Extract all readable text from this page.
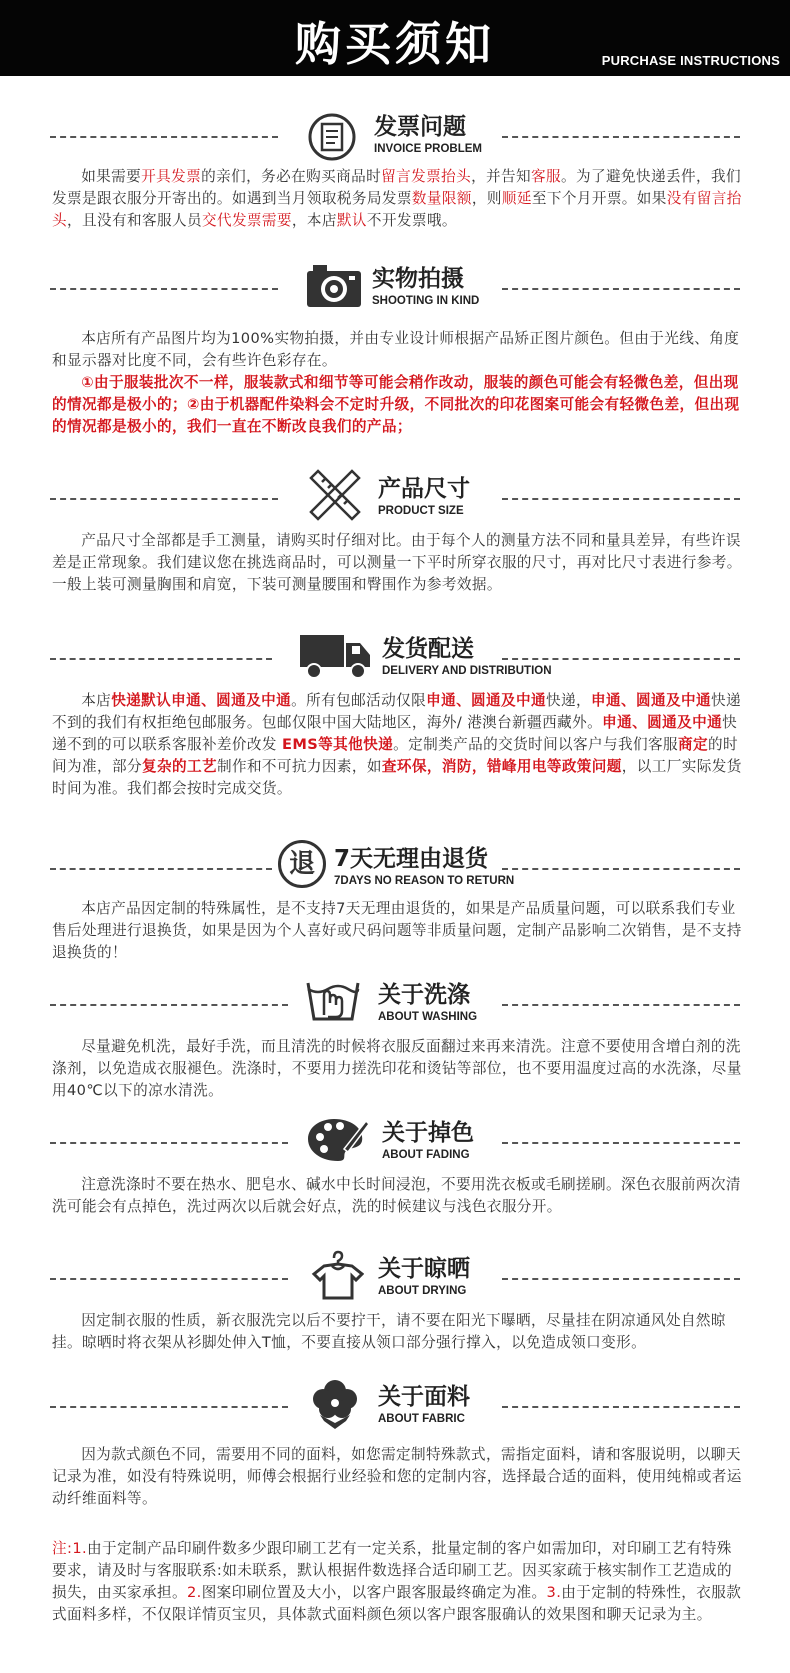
购买须知	PURCHASE INSTRUCTIONS
发票问题
INVOICE PROBLEM
如果需要开具发票的亲们，务必在购买商品时留言发票抬头，并告知客服。为了避免快递丢件，我们发票是跟衣服分开寄出的。如遇到当月领取税务局发票数量限额，则顺延至下个月开票。如果没有留言抬头，且没有和客服人员交代发票需要，本店默认不开发票哦。
实物拍摄
SHOOTING IN KIND
本店所有产品图片均为100%实物拍摄，并由专业设计师根据产品矫正图片颜色。但由于光线、角度和显示器对比度不同，会有些许色彩存在。
①由于服装批次不一样，服装款式和细节等可能会稍作改动，服装的颜色可能会有轻微色差，但出现的情况都是极小的；②由于机器配件染料会不定时升级，不同批次的印花图案可能会有轻微色差，但出现的情况都是极小的，我们一直在不断改良我们的产品；
产品尺寸
PRODUCT SIZE
产品尺寸全部都是手工测量，请购买时仔细对比。由于每个人的测量方法不同和量具差异，有些许误差是正常现象。我们建议您在挑选商品时，可以测量一下平时所穿衣服的尺寸，再对比尺寸表进行参考。一般上装可测量胸围和肩宽，下装可测量腰围和臀围作为参考效据。
发货配送
DELIVERY AND DISTRIBUTION
本店快递默认申通、圆通及中通。所有包邮活动仅限申通、圆通及中通快递，申通、圆通及中通快递不到的我们有权拒绝包邮服务。包邮仅限中国大陆地区，海外/ 港澳台新疆西藏外。申通、圆通及中通快递不到的可以联系客服补差价改发 EMS等其他快递。定制类产品的交货时间以客户与我们客服商定的时间为准，部分复杂的工艺制作和不可抗力因素，如查环保，消防，错峰用电等政策问题，以工厂实际发货时间为准。我们都会按时完成交货。
退 7天无理由退货
7DAYS NO REASON TO RETURN
本店产品因定制的特殊属性，是不支持7天无理由退货的，如果是产品质量问题，可以联系我们专业售后处理进行退换货，如果是因为个人喜好或尺码问题等非质量问题，定制产品影响二次销售，是不支持退换货的！
关于洗涤
ABOUT WASHING
尽量避免机洗，最好手洗，而且清洗的时候将衣服反面翻过来再来清洗。注意不要使用含增白剂的洗涤剂，以免造成衣服褪色。洗涤时，不要用力搓洗印花和烫钻等部位，也不要用温度过高的水洗涤，尽量用40℃以下的凉水清洗。
关于掉色
ABOUT FADING
注意洗涤时不要在热水、肥皂水、碱水中长时间浸泡，不要用洗衣板或毛刷搓刷。深色衣服前两次清洗可能会有点掉色，洗过两次以后就会好点，洗的时候建议与浅色衣服分开。
关于晾晒
ABOUT DRYING
因定制衣服的性质，新衣服洗完以后不要拧干，请不要在阳光下曝晒，尽量挂在阴凉通风处自然晾挂。晾晒时将衣架从衫脚处伸入T恤，不要直接从领口部分强行撑入，以免造成领口变形。
关于面料
ABOUT FABRIC
因为款式颜色不同，需要用不同的面料，如您需定制特殊款式，需指定面料，请和客服说明，以聊天记录为准，如没有特殊说明，师傅会根据行业经验和您的定制内容，选择最合适的面料，使用纯棉或者运动纤维面料等。
注:1.由于定制产品印刷件数多少跟印刷工艺有一定关系，批量定制的客户如需加印，对印刷工艺有特殊要求，请及时与客服联系:如未联系，默认根据件数选择合适印刷工艺。因买家疏于核实制作工艺造成的损失，由买家承担。2.图案印刷位置及大小，以客户跟客服最终确定为准。3.由于定制的特殊性，衣服款式面料多样，不仅限详情页宝贝，具体款式面料颜色须以客户跟客服确认的效果图和聊天记录为主。
